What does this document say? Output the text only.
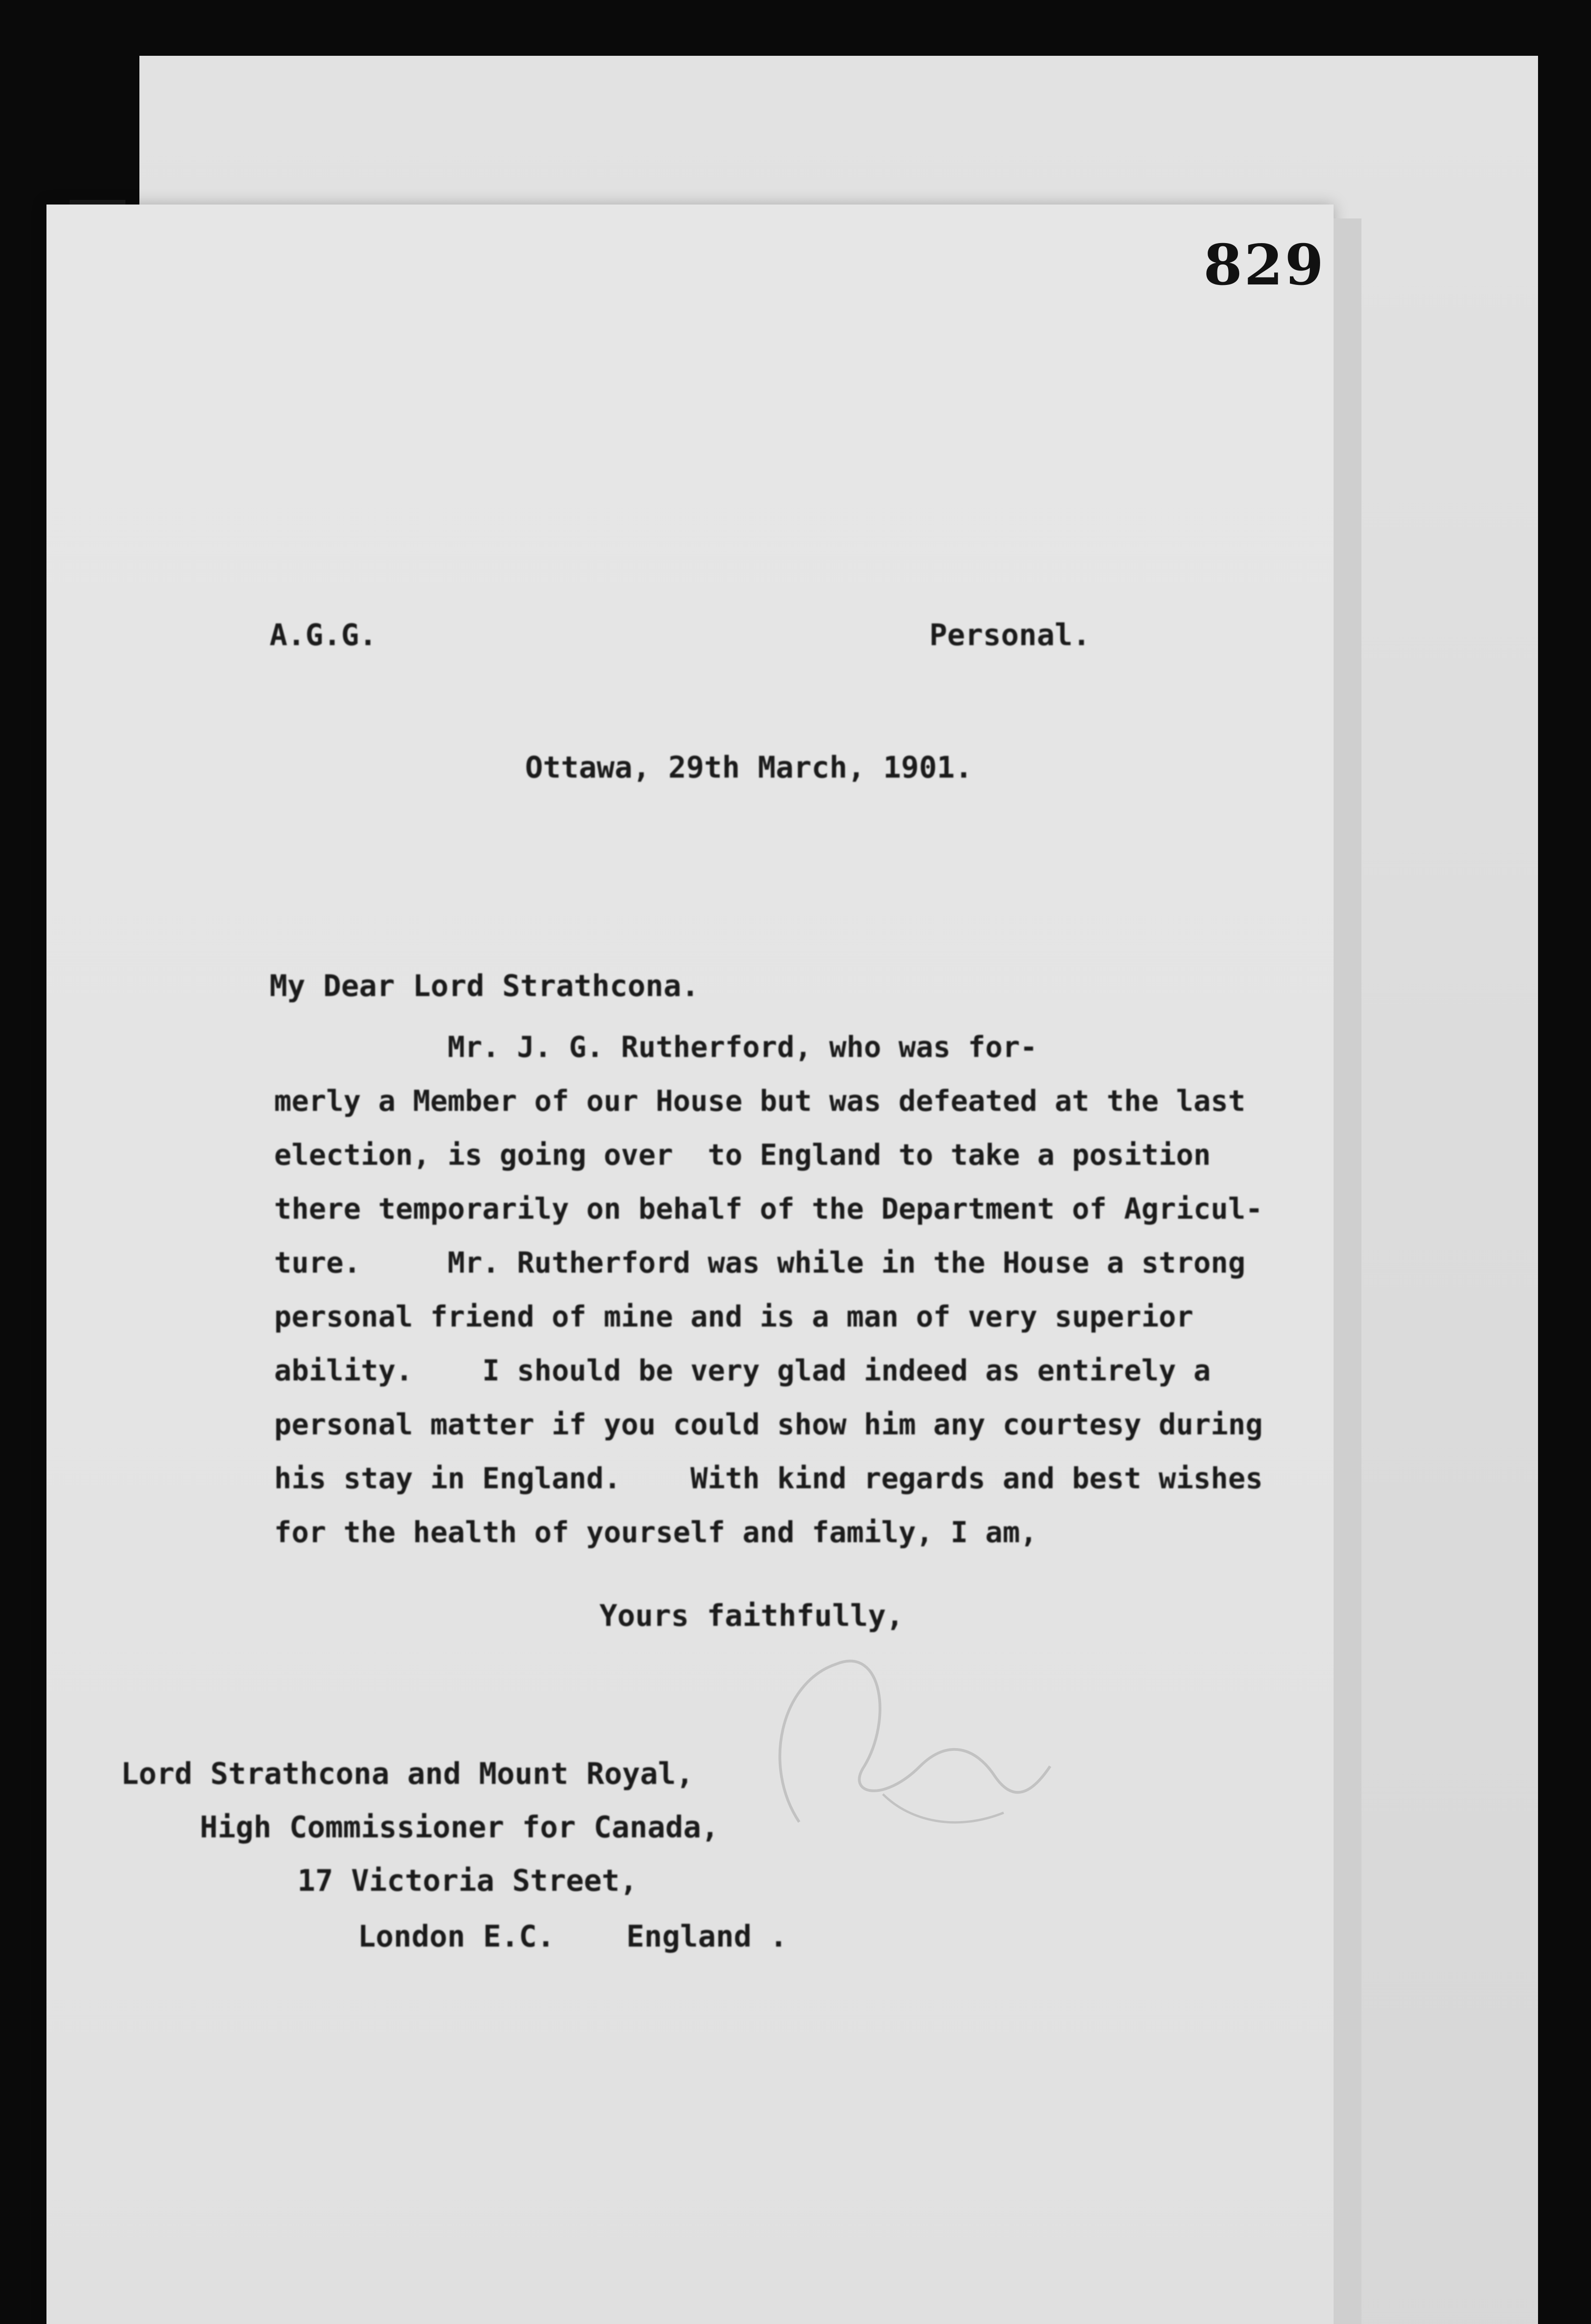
829
A.G.G.	Personal.
Ottawa, 29th March, 1901.
My Dear Lord Strathcona.
Mr. J. G. Rutherford, who was for-
merly a Member of our House but was defeated at the last
election, is going over  to England to take a position
there temporarily on behalf of the Department of Agricul-
ture.     Mr. Rutherford was while in the House a strong
personal friend of mine and is a man of very superior
ability.    I should be very glad indeed as entirely a
personal matter if you could show him any courtesy during
his stay in England.    With kind regards and best wishes
for the health of yourself and family, I am,
Yours faithfully,
Lord Strathcona and Mount Royal,
High Commissioner for Canada,
17 Victoria Street,
London E.C.    England .
